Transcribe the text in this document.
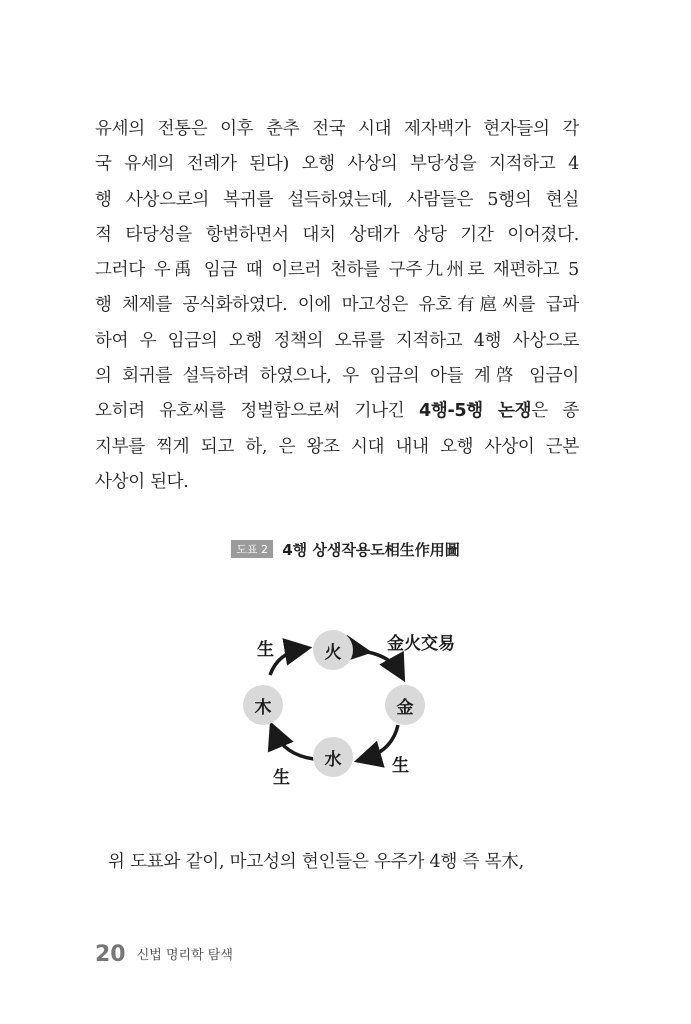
유세의 전통은 이후 춘추 전국 시대 제자백가 현자들의 각
국 유세의 전례가 된다) 오행 사상의 부당성을 지적하고 4
행 사상으로의 복귀를 설득하였는데, 사람들은 5행의 현실
적 타당성을 항변하면서 대치 상태가 상당 기간 이어졌다.
그러다 우禹 임금 때 이르러 천하를 구주九州로 재편하고 5
행 체제를 공식화하였다. 이에 마고성은 유호有扈씨를 급파
하여 우 임금의 오행 정책의 오류를 지적하고 4행 사상으로
의 회귀를 설득하려 하였으나, 우 임금의 아들 계啓 임금이
오히려 유호씨를 정벌함으로써 기나긴 4행-5행 논쟁은 종
지부를 찍게 되고 하, 은 왕조 시대 내내 오행 사상이 근본
사상이 된다.
도표 2 4행 상생작용도相生作用圖
火
木	金
水
生	金火交易
生
生
위 도표와 같이, 마고성의 현인들은 우주가 4행 즉 목木,
20 신법 명리학 탐색
